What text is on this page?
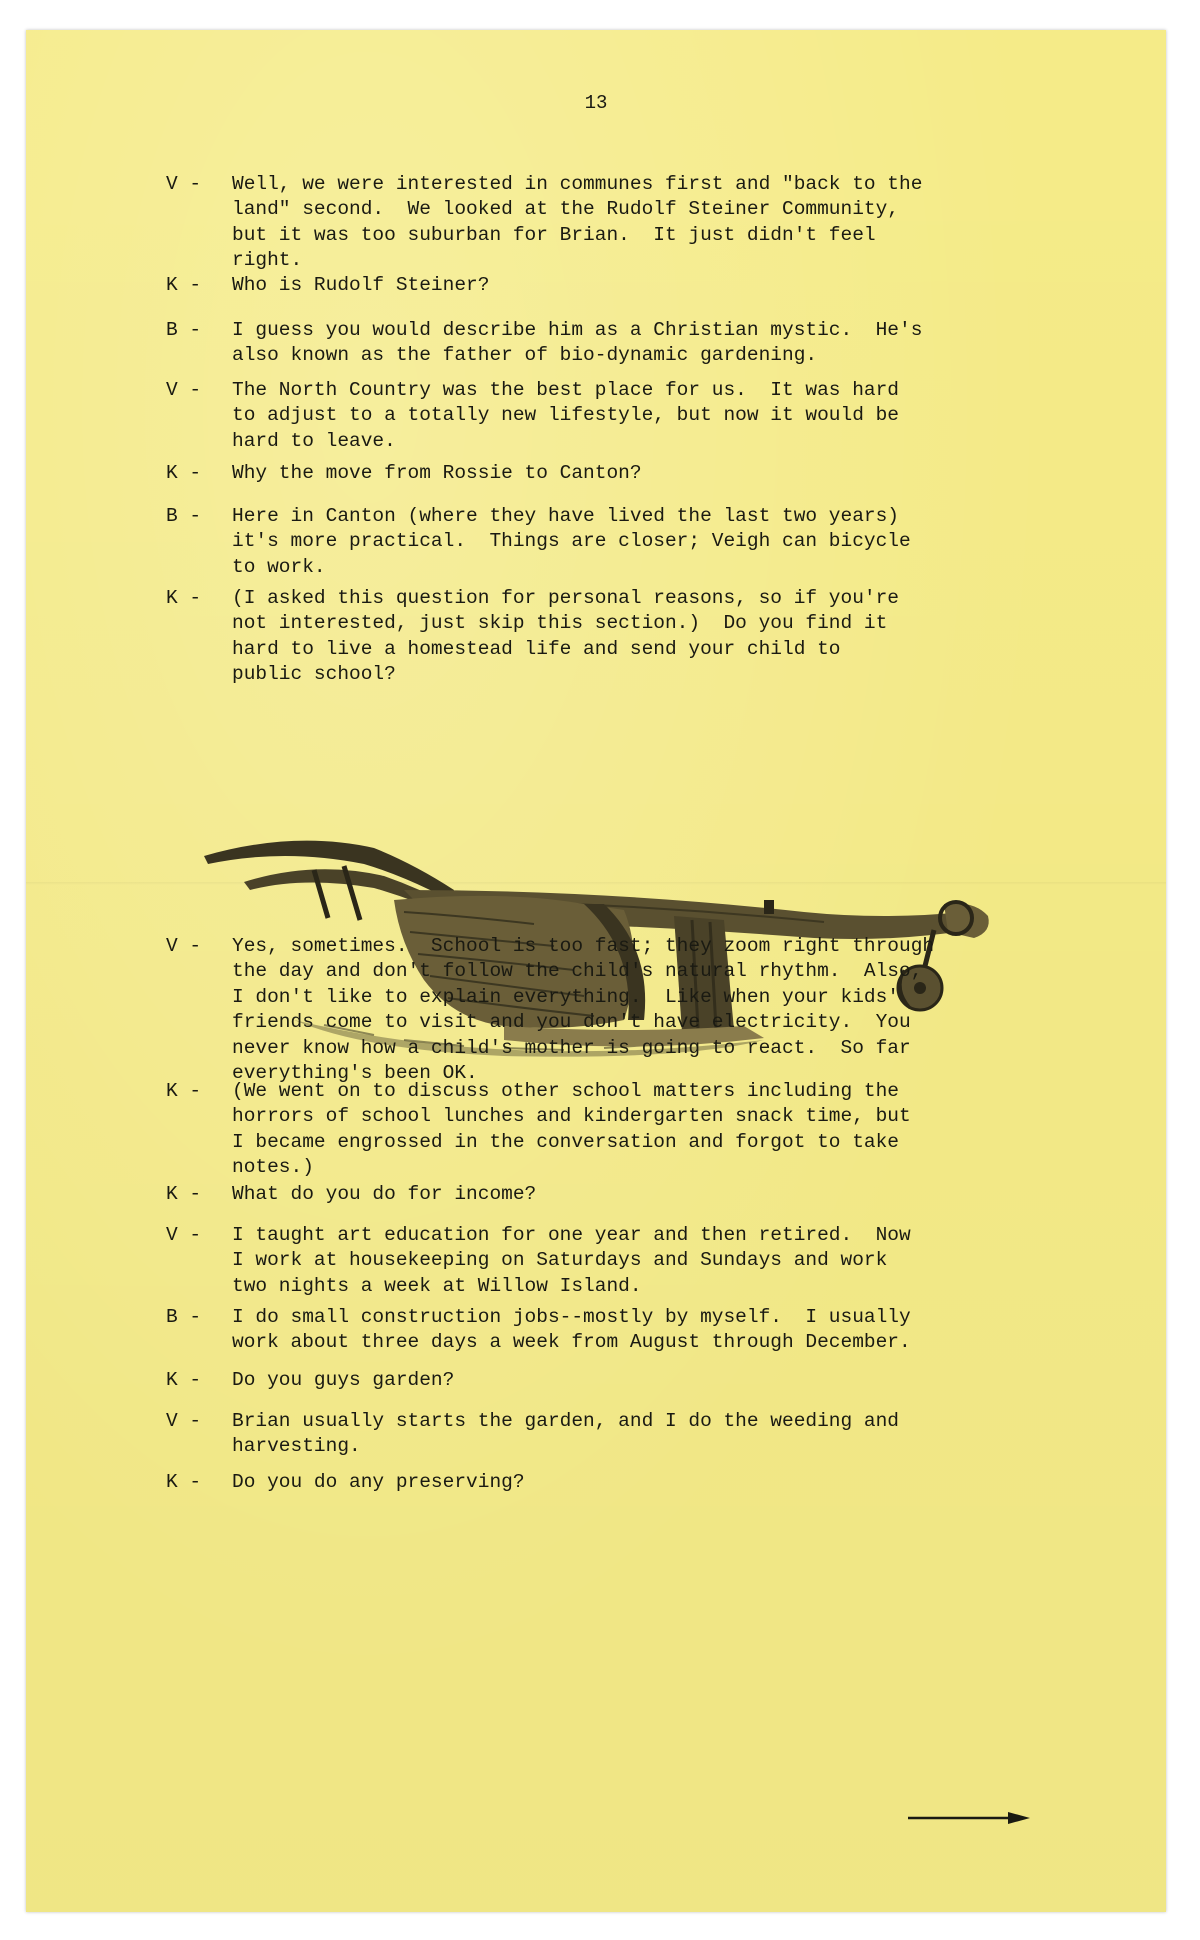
13
V - Well, we were interested in communes first and "back to the
land" second.  We looked at the Rudolf Steiner Community,
but it was too suburban for Brian.  It just didn't feel
right.
K - Who is Rudolf Steiner?
B - I guess you would describe him as a Christian mystic.  He's
also known as the father of bio-dynamic gardening.
V - The North Country was the best place for us.  It was hard
to adjust to a totally new lifestyle, but now it would be
hard to leave.
K - Why the move from Rossie to Canton?
B - Here in Canton (where they have lived the last two years)
it's more practical.  Things are closer; Veigh can bicycle
to work.
K - (I asked this question for personal reasons, so if you're
not interested, just skip this section.)  Do you find it
hard to live a homestead life and send your child to
public school?
V - Yes, sometimes.  School is too fast; they zoom right through
the day and don't follow the child's natural rhythm.  Also,
I don't like to explain everything.  Like when your kids'
friends come to visit and you don't have electricity.  You
never know how a child's mother is going to react.  So far
everything's been OK.
K - (We went on to discuss other school matters including the
horrors of school lunches and kindergarten snack time, but
I became engrossed in the conversation and forgot to take
notes.)
K - What do you do for income?
V - I taught art education for one year and then retired.  Now
I work at housekeeping on Saturdays and Sundays and work
two nights a week at Willow Island.
B - I do small construction jobs--mostly by myself.  I usually
work about three days a week from August through December.
K - Do you guys garden?
V - Brian usually starts the garden, and I do the weeding and
harvesting.
K - Do you do any preserving?
